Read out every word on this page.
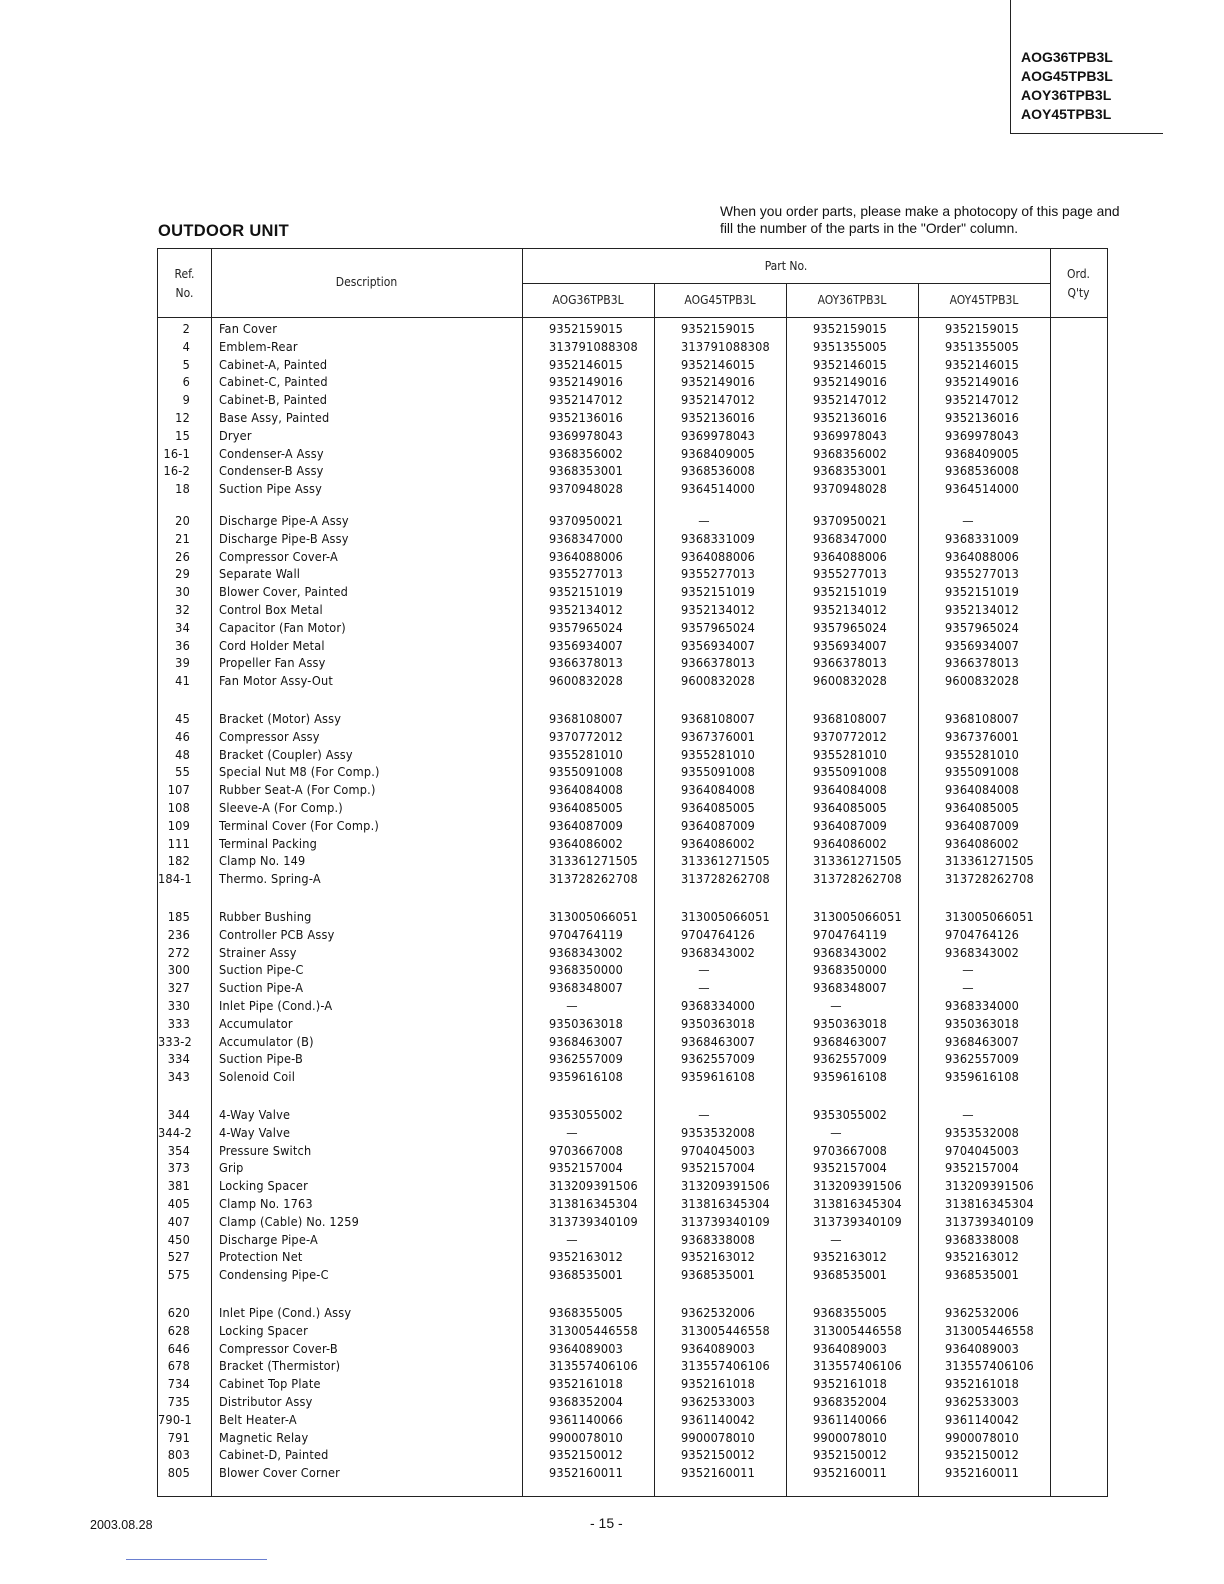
AOG36TPB3L
AOG45TPB3L
AOY36TPB3L
AOY45TPB3L
When you order parts, please make a photocopy of this page and fill the number of the parts in the "Order" column.
OUTDOOR UNIT
Ref.
No.
Description
Part No.
AOG36TPB3L	AOG45TPB3L	AOY36TPB3L	AOY45TPB3L
Ord.
Q'ty
2 Fan Cover	9352159015	9352159015	9352159015	9352159015
4 Emblem-Rear	313791088308	313791088308	9351355005	9351355005
5 Cabinet-A, Painted	9352146015	9352146015	9352146015	9352146015
6 Cabinet-C, Painted	9352149016	9352149016	9352149016	9352149016
9 Cabinet-B, Painted	9352147012	9352147012	9352147012	9352147012
12 Base Assy, Painted	9352136016	9352136016	9352136016	9352136016
15 Dryer	9369978043	9369978043	9369978043	9369978043
16-1 Condenser-A Assy	9368356002	9368409005	9368356002	9368409005
16-2 Condenser-B Assy	9368353001	9368536008	9368353001	9368536008
18 Suction Pipe Assy	9370948028	9364514000	9370948028	9364514000
20 Discharge Pipe-A Assy	9370950021	—	9370950021	—
21 Discharge Pipe-B Assy	9368347000	9368331009	9368347000	9368331009
26 Compressor Cover-A	9364088006	9364088006	9364088006	9364088006
29 Separate Wall	9355277013	9355277013	9355277013	9355277013
30 Blower Cover, Painted	9352151019	9352151019	9352151019	9352151019
32 Control Box Metal	9352134012	9352134012	9352134012	9352134012
34 Capacitor (Fan Motor)	9357965024	9357965024	9357965024	9357965024
36 Cord Holder Metal	9356934007	9356934007	9356934007	9356934007
39 Propeller Fan Assy	9366378013	9366378013	9366378013	9366378013
41 Fan Motor Assy-Out	9600832028	9600832028	9600832028	9600832028
45 Bracket (Motor) Assy	9368108007	9368108007	9368108007	9368108007
46 Compressor Assy	9370772012	9367376001	9370772012	9367376001
48 Bracket (Coupler) Assy	9355281010	9355281010	9355281010	9355281010
55 Special Nut M8 (For Comp.)	9355091008	9355091008	9355091008	9355091008
107 Rubber Seat-A (For Comp.)	9364084008	9364084008	9364084008	9364084008
108 Sleeve-A (For Comp.)	9364085005	9364085005	9364085005	9364085005
109 Terminal Cover (For Comp.)	9364087009	9364087009	9364087009	9364087009
111 Terminal Packing	9364086002	9364086002	9364086002	9364086002
182 Clamp No. 149	313361271505	313361271505	313361271505	313361271505
184-1 Thermo. Spring-A	313728262708	313728262708	313728262708	313728262708
185 Rubber Bushing	313005066051	313005066051	313005066051	313005066051
236 Controller PCB Assy	9704764119	9704764126	9704764119	9704764126
272 Strainer Assy	9368343002	9368343002	9368343002	9368343002
300 Suction Pipe-C	9368350000	—	9368350000	—
327 Suction Pipe-A	9368348007	—	9368348007	—
330 Inlet Pipe (Cond.)-A	—	9368334000	—	9368334000
333 Accumulator	9350363018	9350363018	9350363018	9350363018
333-2 Accumulator (B)	9368463007	9368463007	9368463007	9368463007
334 Suction Pipe-B	9362557009	9362557009	9362557009	9362557009
343 Solenoid Coil	9359616108	9359616108	9359616108	9359616108
344 4-Way Valve	9353055002	—	9353055002	—
344-2 4-Way Valve	—	9353532008	—	9353532008
354 Pressure Switch	9703667008	9704045003	9703667008	9704045003
373 Grip	9352157004	9352157004	9352157004	9352157004
381 Locking Spacer	313209391506	313209391506	313209391506	313209391506
405 Clamp No. 1763	313816345304	313816345304	313816345304	313816345304
407 Clamp (Cable) No. 1259	313739340109	313739340109	313739340109	313739340109
450 Discharge Pipe-A	—	9368338008	—	9368338008
527 Protection Net	9352163012	9352163012	9352163012	9352163012
575 Condensing Pipe-C	9368535001	9368535001	9368535001	9368535001
620 Inlet Pipe (Cond.) Assy	9368355005	9362532006	9368355005	9362532006
628 Locking Spacer	313005446558	313005446558	313005446558	313005446558
646 Compressor Cover-B	9364089003	9364089003	9364089003	9364089003
678 Bracket (Thermistor)	313557406106	313557406106	313557406106	313557406106
734 Cabinet Top Plate	9352161018	9352161018	9352161018	9352161018
735 Distributor Assy	9368352004	9362533003	9368352004	9362533003
790-1 Belt Heater-A	9361140066	9361140042	9361140066	9361140042
791 Magnetic Relay	9900078010	9900078010	9900078010	9900078010
803 Cabinet-D, Painted	9352150012	9352150012	9352150012	9352150012
805 Blower Cover Corner	9352160011	9352160011	9352160011	9352160011
2003.08.28	- 15 -
